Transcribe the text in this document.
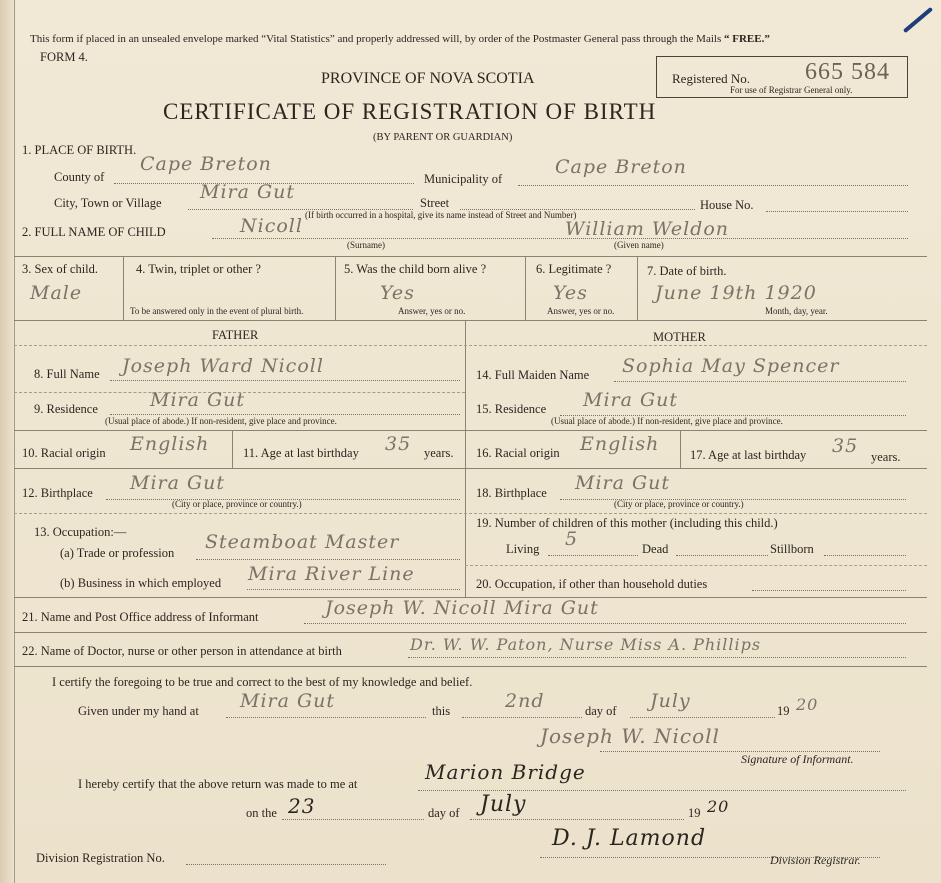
This form if placed in an unsealed envelope marked “Vital Statistics” and properly addressed will, by order of the Postmaster General pass through the Mails “ FREE.”
FORM 4.
PROVINCE OF NOVA SCOTIA
CERTIFICATE OF REGISTRATION OF BIRTH
(BY PARENT OR GUARDIAN)
Registered No. 665 584
For use of Registrar General only.
1. PLACE OF BIRTH.
County of
Cape Breton
Municipality of
Cape Breton
City, Town or Village Mira Gut	Street	House No.
(If birth occurred in a hospital, give its name instead of Street and Number)
2. FULL NAME OF CHILD	Nicoll	William Weldon
(Surname)	(Given name)
3. Sex of child.
Male
4. Twin, triplet or other ?
To be answered only in the event of plural birth.
5. Was the child born alive ?
Yes
Answer, yes or no.
6. Legitimate ?
Yes
Answer, yes or no.
7. Date of birth.
June 19th 1920
Month, day, year.
FATHER	MOTHER
8. Full Name Joseph Ward Nicoll
9. Residence	Mira Gut
(Usual place of abode.) If non-resident, give place and province.
10. Racial origin English	11. Age at last birthday 35 years.
12. Birthplace Mira Gut
(City or place, province or country.)
13. Occupation:—
(a) Trade or profession Steamboat Master
(b) Business in which employed Mira River Line
14. Full Maiden Name Sophia May Spencer
15. Residence Mira Gut
(Usual place of abode.) If non-resident, give place and province.
16. Racial origin English 17. Age at last birthday 35 years.
18. Birthplace Mira Gut
(City or place, province or country.)
19. Number of children of this mother (including this child.)
Living 5	Dead	Stillborn
20. Occupation, if other than household duties
21. Name and Post Office address of Informant	Joseph W. Nicoll Mira Gut
22. Name of Doctor, nurse or other person in attendance at birth	Dr. W. W. Paton, Nurse Miss A. Phillips
I certify the foregoing to be true and correct to the best of my knowledge and belief.
Given under my hand at Mira Gut	this	2nd	day of July	19 20
Joseph W. Nicoll
Signature of Informant.
I hereby certify that the above return was made to me at	Marion Bridge
on the 23	day of July	19 20
Division Registration No.
D. J. Lamond
Division Registrar.
